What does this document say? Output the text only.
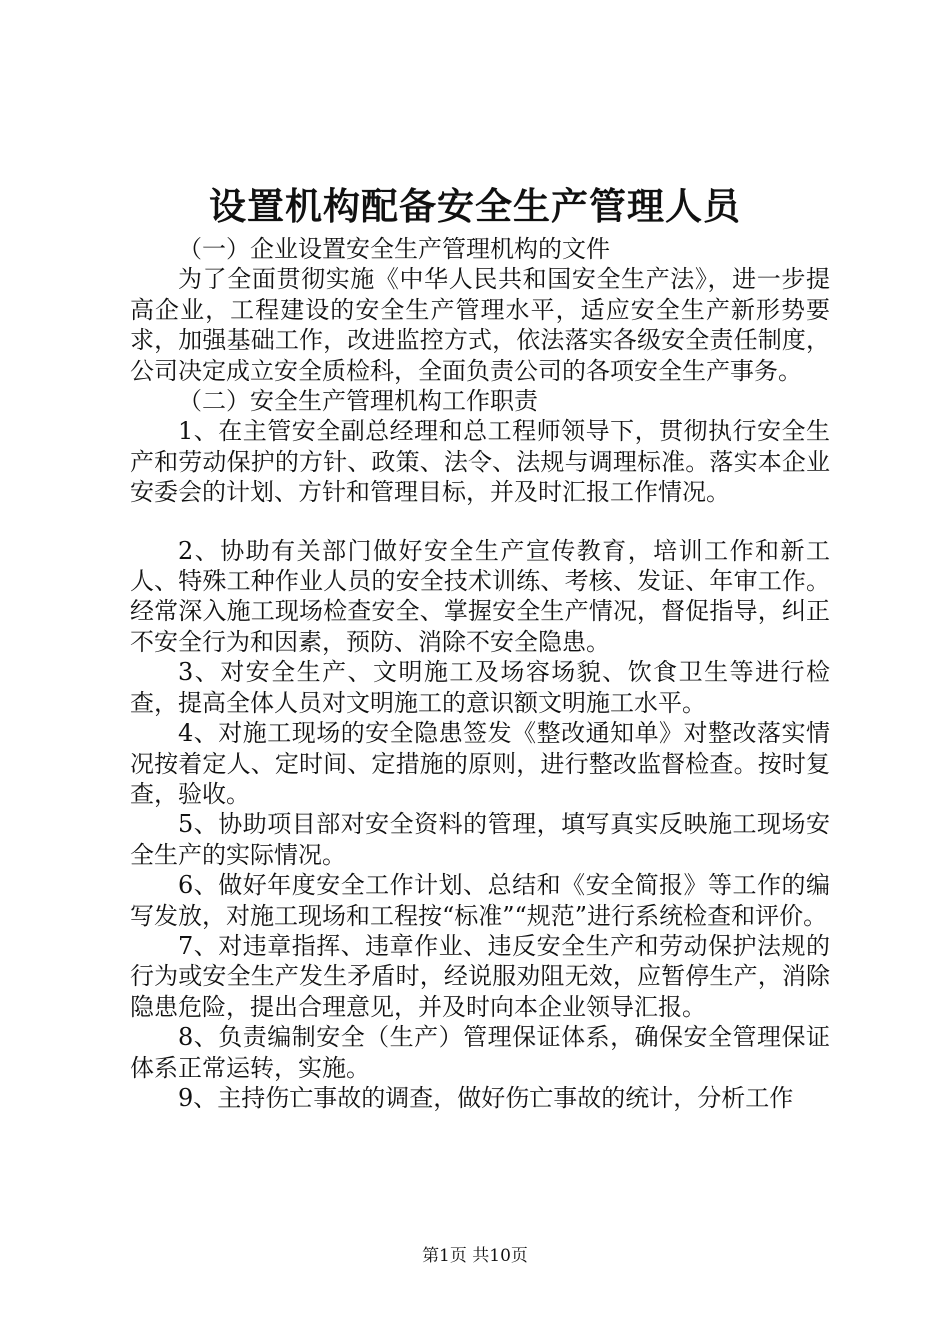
设置机构配备安全生产管理人员

（一）企业设置安全生产管理机构的文件

为了全面贯彻实施《中华人民共和国安全生产法》，进一步提高企业，工程建设的安全生产管理水平，适应安全生产新形势要求，加强基础工作，改进监控方式，依法落实各级安全责任制度，公司决定成立安全质检科，全面负责公司的各项安全生产事务。

（二）安全生产管理机构工作职责

1、在主管安全副总经理和总工程师领导下，贯彻执行安全生产和劳动保护的方针、政策、法令、法规与调理标准。落实本企业安委会的计划、方针和管理目标，并及时汇报工作情况。

2、协助有关部门做好安全生产宣传教育，培训工作和新工人、特殊工种作业人员的安全技术训练、考核、发证、年审工作。经常深入施工现场检查安全、掌握安全生产情况，督促指导，纠正不安全行为和因素，预防、消除不安全隐患。

3、对安全生产、文明施工及场容场貌、饮食卫生等进行检查，提高全体人员对文明施工的意识额文明施工水平。

4、对施工现场的安全隐患签发《整改通知单》对整改落实情况按着定人、定时间、定措施的原则，进行整改监督检查。按时复查，验收。

5、协助项目部对安全资料的管理，填写真实反映施工现场安全生产的实际情况。

6、做好年度安全工作计划、总结和《安全简报》等工作的编写发放，对施工现场和工程按“标准”“规范”进行系统检查和评价。

7、对违章指挥、违章作业、违反安全生产和劳动保护法规的行为或安全生产发生矛盾时，经说服劝阻无效，应暂停生产，消除隐患危险，提出合理意见，并及时向本企业领导汇报。

8、负责编制安全（生产）管理保证体系，确保安全管理保证体系正常运转，实施。

9、主持伤亡事故的调查，做好伤亡事故的统计，分析工作

第1页 共10页
